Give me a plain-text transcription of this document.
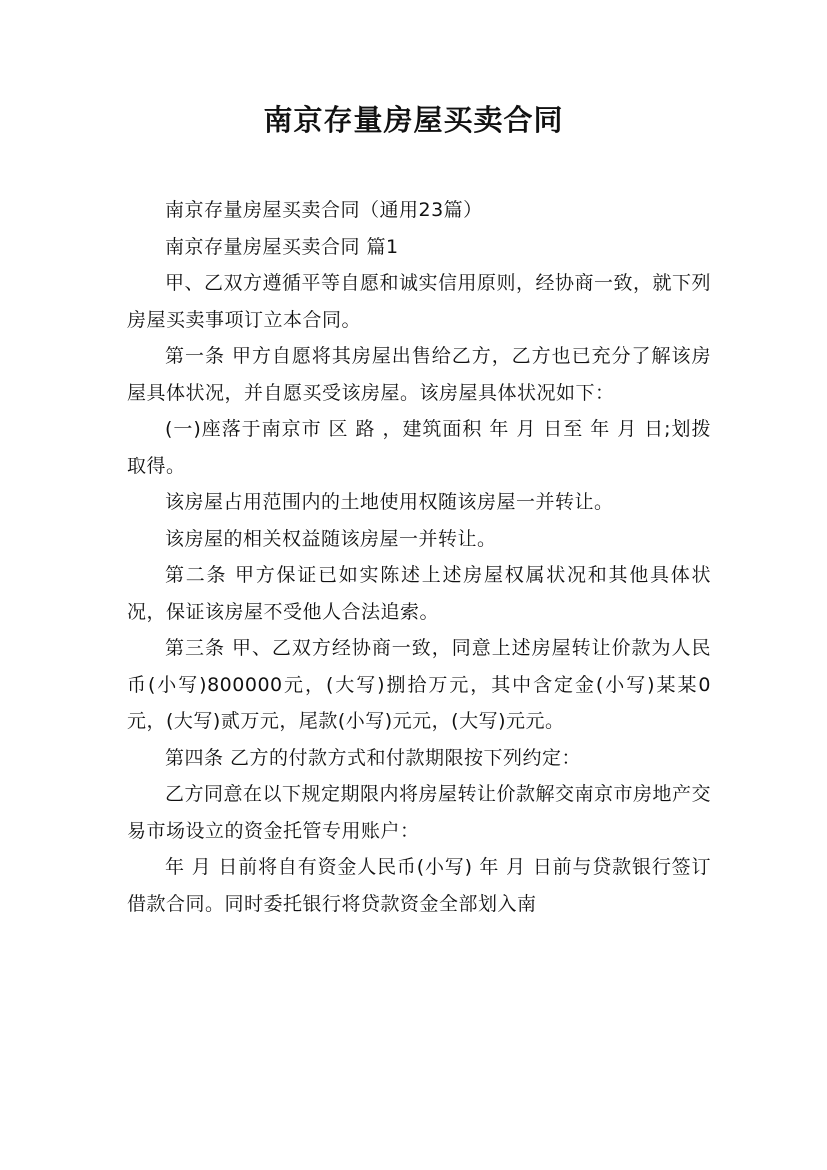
南京存量房屋买卖合同

南京存量房屋买卖合同（通用23篇）

南京存量房屋买卖合同 篇1

甲、乙双方遵循平等自愿和诚实信用原则，经协商一致，就下列房屋买卖事项订立本合同。

第一条 甲方自愿将其房屋出售给乙方，乙方也已充分了解该房屋具体状况，并自愿买受该房屋。该房屋具体状况如下：

(一)座落于南京市 区 路 ，建筑面积 年 月 日至 年 月 日;划拨取得。

该房屋占用范围内的土地使用权随该房屋一并转让。

该房屋的相关权益随该房屋一并转让。

第二条 甲方保证已如实陈述上述房屋权属状况和其他具体状况，保证该房屋不受他人合法追索。

第三条 甲、乙双方经协商一致，同意上述房屋转让价款为人民币(小写)800000元，(大写)捌拾万元，其中含定金(小写)某某0元，(大写)贰万元，尾款(小写)元元，(大写)元元。

第四条 乙方的付款方式和付款期限按下列约定：

乙方同意在以下规定期限内将房屋转让价款解交南京市房地产交易市场设立的资金托管专用账户：

年 月 日前将自有资金人民币(小写) 年 月 日前与贷款银行签订借款合同。同时委托银行将贷款资金全部划入南
